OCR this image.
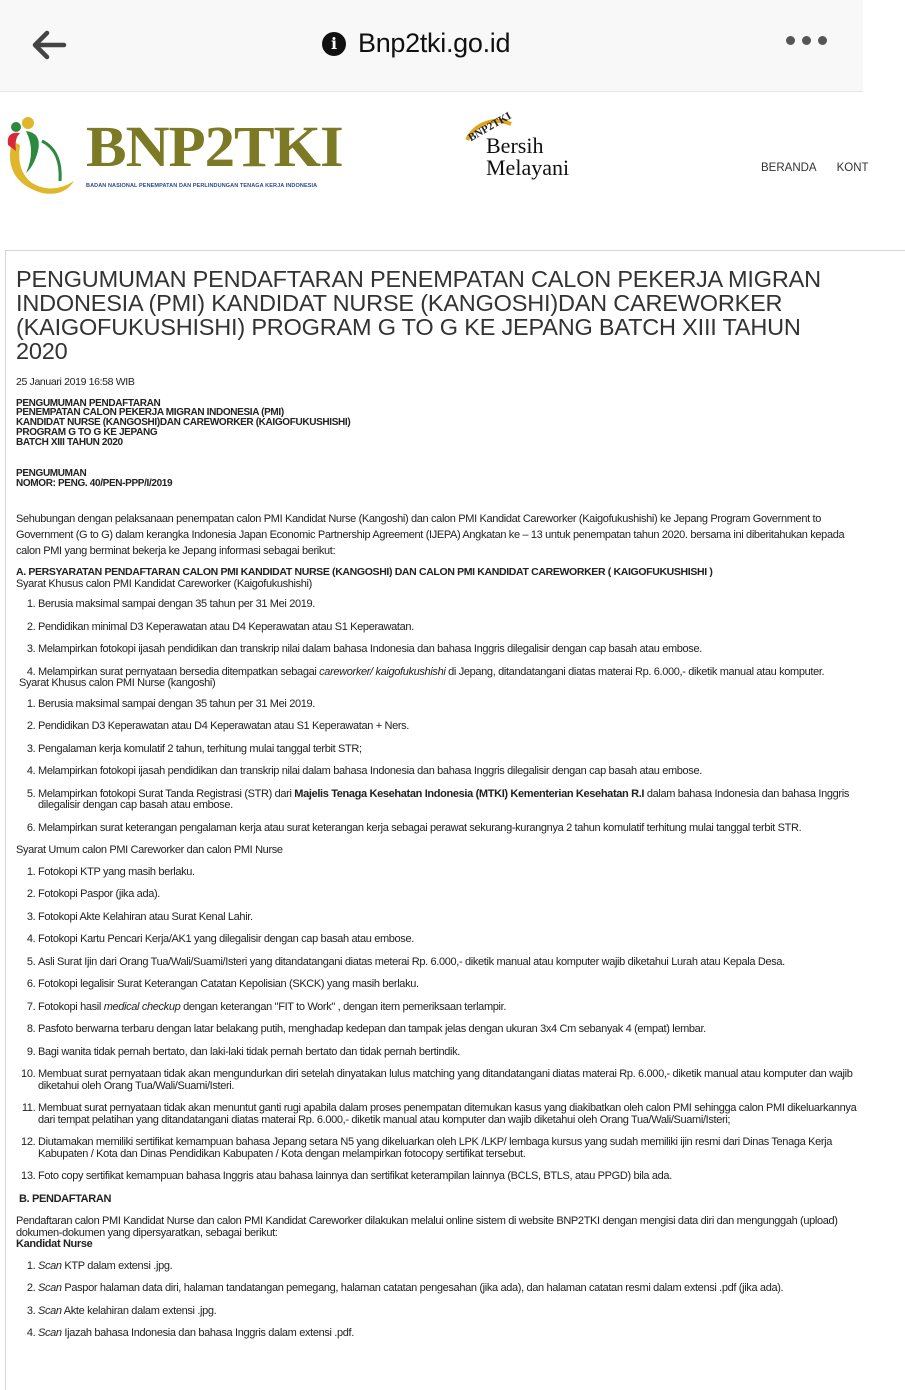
i Bnp2tki.go.id
BNP2TKI
BADAN NASIONAL PENEMPATAN DAN PERLINDUNGAN TENAGA KERJA INDONESIA
BNP2TKI
Bersih
Melayani	BERANDA KONT
PENGUMUMAN PENDAFTARAN PENEMPATAN CALON PEKERJA MIGRAN INDONESIA (PMI) KANDIDAT NURSE (KANGOSHI)DAN CAREWORKER (KAIGOFUKUSHISHI) PROGRAM G TO G KE JEPANG BATCH XIII TAHUN 2020
25 Januari 2019 16:58 WIB
PENGUMUMAN PENDAFTARAN
PENEMPATAN CALON PEKERJA MIGRAN INDONESIA (PMI)
KANDIDAT NURSE (KANGOSHI)DAN CAREWORKER (KAIGOFUKUSHISHI)
PROGRAM G TO G KE JEPANG
BATCH XIII TAHUN 2020
PENGUMUMAN
NOMOR: PENG. 40/PEN-PPP/I/2019

Sehubungan dengan pelaksanaan penempatan calon PMI Kandidat Nurse (Kangoshi) dan calon PMI Kandidat Careworker (Kaigofukushishi) ke Jepang Program Government to Government (G to G) dalam kerangka Indonesia Japan Economic Partnership Agreement (IJEPA) Angkatan ke – 13 untuk penempatan tahun 2020. bersama ini diberitahukan kepada calon PMI yang berminat bekerja ke Jepang informasi sebagai berikut:

A. PERSYARATAN PENDAFTARAN CALON PMI KANDIDAT NURSE (KANGOSHI) DAN CALON PMI KANDIDAT CAREWORKER ( KAIGOFUKUSHISHI )
Syarat Khusus calon PMI Kandidat Careworker (Kaigofukushishi)
1. Berusia maksimal sampai dengan 35 tahun per 31 Mei 2019.
2. Pendidikan minimal D3 Keperawatan atau D4 Keperawatan atau S1 Keperawatan.
3. Melampirkan fotokopi ijasah pendidikan dan transkrip nilai dalam bahasa Indonesia dan bahasa Inggris dilegalisir dengan cap basah atau embose.
4. Melampirkan surat pernyataan bersedia ditempatkan sebagai careworker/ kaigofukushishi di Jepang, ditandatangani diatas materai Rp. 6.000,- diketik manual atau komputer.
Syarat Khusus calon PMI Nurse (kangoshi)
1. Berusia maksimal sampai dengan 35 tahun per 31 Mei 2019.
2. Pendidikan D3 Keperawatan atau D4 Keperawatan atau S1 Keperawatan + Ners.
3. Pengalaman kerja komulatif 2 tahun, terhitung mulai tanggal terbit STR;
4. Melampirkan fotokopi ijasah pendidikan dan transkrip nilai dalam bahasa Indonesia dan bahasa Inggris dilegalisir dengan cap basah atau embose.
5. Melampirkan fotokopi Surat Tanda Registrasi (STR) dari Majelis Tenaga Kesehatan Indonesia (MTKI) Kementerian Kesehatan R.I dalam bahasa Indonesia dan bahasa Inggris dilegalisir dengan cap basah atau embose.
6. Melampirkan surat keterangan pengalaman kerja atau surat keterangan kerja sebagai perawat sekurang-kurangnya 2 tahun komulatif terhitung mulai tanggal terbit STR.
Syarat Umum calon PMI Careworker dan calon PMI Nurse
1. Fotokopi KTP yang masih berlaku.
2. Fotokopi Paspor (jika ada).
3. Fotokopi Akte Kelahiran atau Surat Kenal Lahir.
4. Fotokopi Kartu Pencari Kerja/AK1 yang dilegalisir dengan cap basah atau embose.
5. Asli Surat Ijin dari Orang Tua/Wali/Suami/Isteri yang ditandatangani diatas meterai Rp. 6.000,- diketik manual atau komputer wajib diketahui Lurah atau Kepala Desa.
6. Fotokopi legalisir Surat Keterangan Catatan Kepolisian (SKCK) yang masih berlaku.
7. Fotokopi hasil medical checkup dengan keterangan "FIT to Work" , dengan item pemeriksaan terlampir.
8. Pasfoto berwarna terbaru dengan latar belakang putih, menghadap kedepan dan tampak jelas dengan ukuran 3x4 Cm sebanyak 4 (empat) lembar.
9. Bagi wanita tidak pernah bertato, dan laki-laki tidak pernah bertato dan tidak pernah bertindik.
10. Membuat surat pernyataan tidak akan mengundurkan diri setelah dinyatakan lulus matching yang ditandatangani diatas materai Rp. 6.000,- diketik manual atau komputer dan wajib diketahui oleh Orang Tua/Wali/Suami/Isteri.
11. Membuat surat pernyataan tidak akan menuntut ganti rugi apabila dalam proses penempatan ditemukan kasus yang diakibatkan oleh calon PMI sehingga calon PMI dikeluarkannya dari tempat pelatihan yang ditandatangani diatas materai Rp. 6.000,- diketik manual atau komputer dan wajib diketahui oleh Orang Tua/Wali/Suami/Isteri;
12. Diutamakan memiliki sertifikat kemampuan bahasa Jepang setara N5 yang dikeluarkan oleh LPK /LKP/ lembaga kursus yang sudah memiliki ijin resmi dari Dinas Tenaga Kerja Kabupaten / Kota dan Dinas Pendidikan Kabupaten / Kota dengan melampirkan fotocopy sertifikat tersebut.
13. Foto copy sertifikat kemampuan bahasa Inggris atau bahasa lainnya dan sertifikat keterampilan lainnya (BCLS, BTLS, atau PPGD) bila ada.
B. PENDAFTARAN
Pendaftaran calon PMI Kandidat Nurse dan calon PMI Kandidat Careworker dilakukan melalui online sistem di website BNP2TKI dengan mengisi data diri dan mengunggah (upload) dokumen-dokumen yang dipersyaratkan, sebagai berikut:
Kandidat Nurse
1. Scan KTP dalam extensi .jpg.
2. Scan Paspor halaman data diri, halaman tandatangan pemegang, halaman catatan pengesahan (jika ada), dan halaman catatan resmi dalam extensi .pdf (jika ada).
3. Scan Akte kelahiran dalam extensi .jpg.
4. Scan Ijazah bahasa Indonesia dan bahasa Inggris dalam extensi .pdf.
